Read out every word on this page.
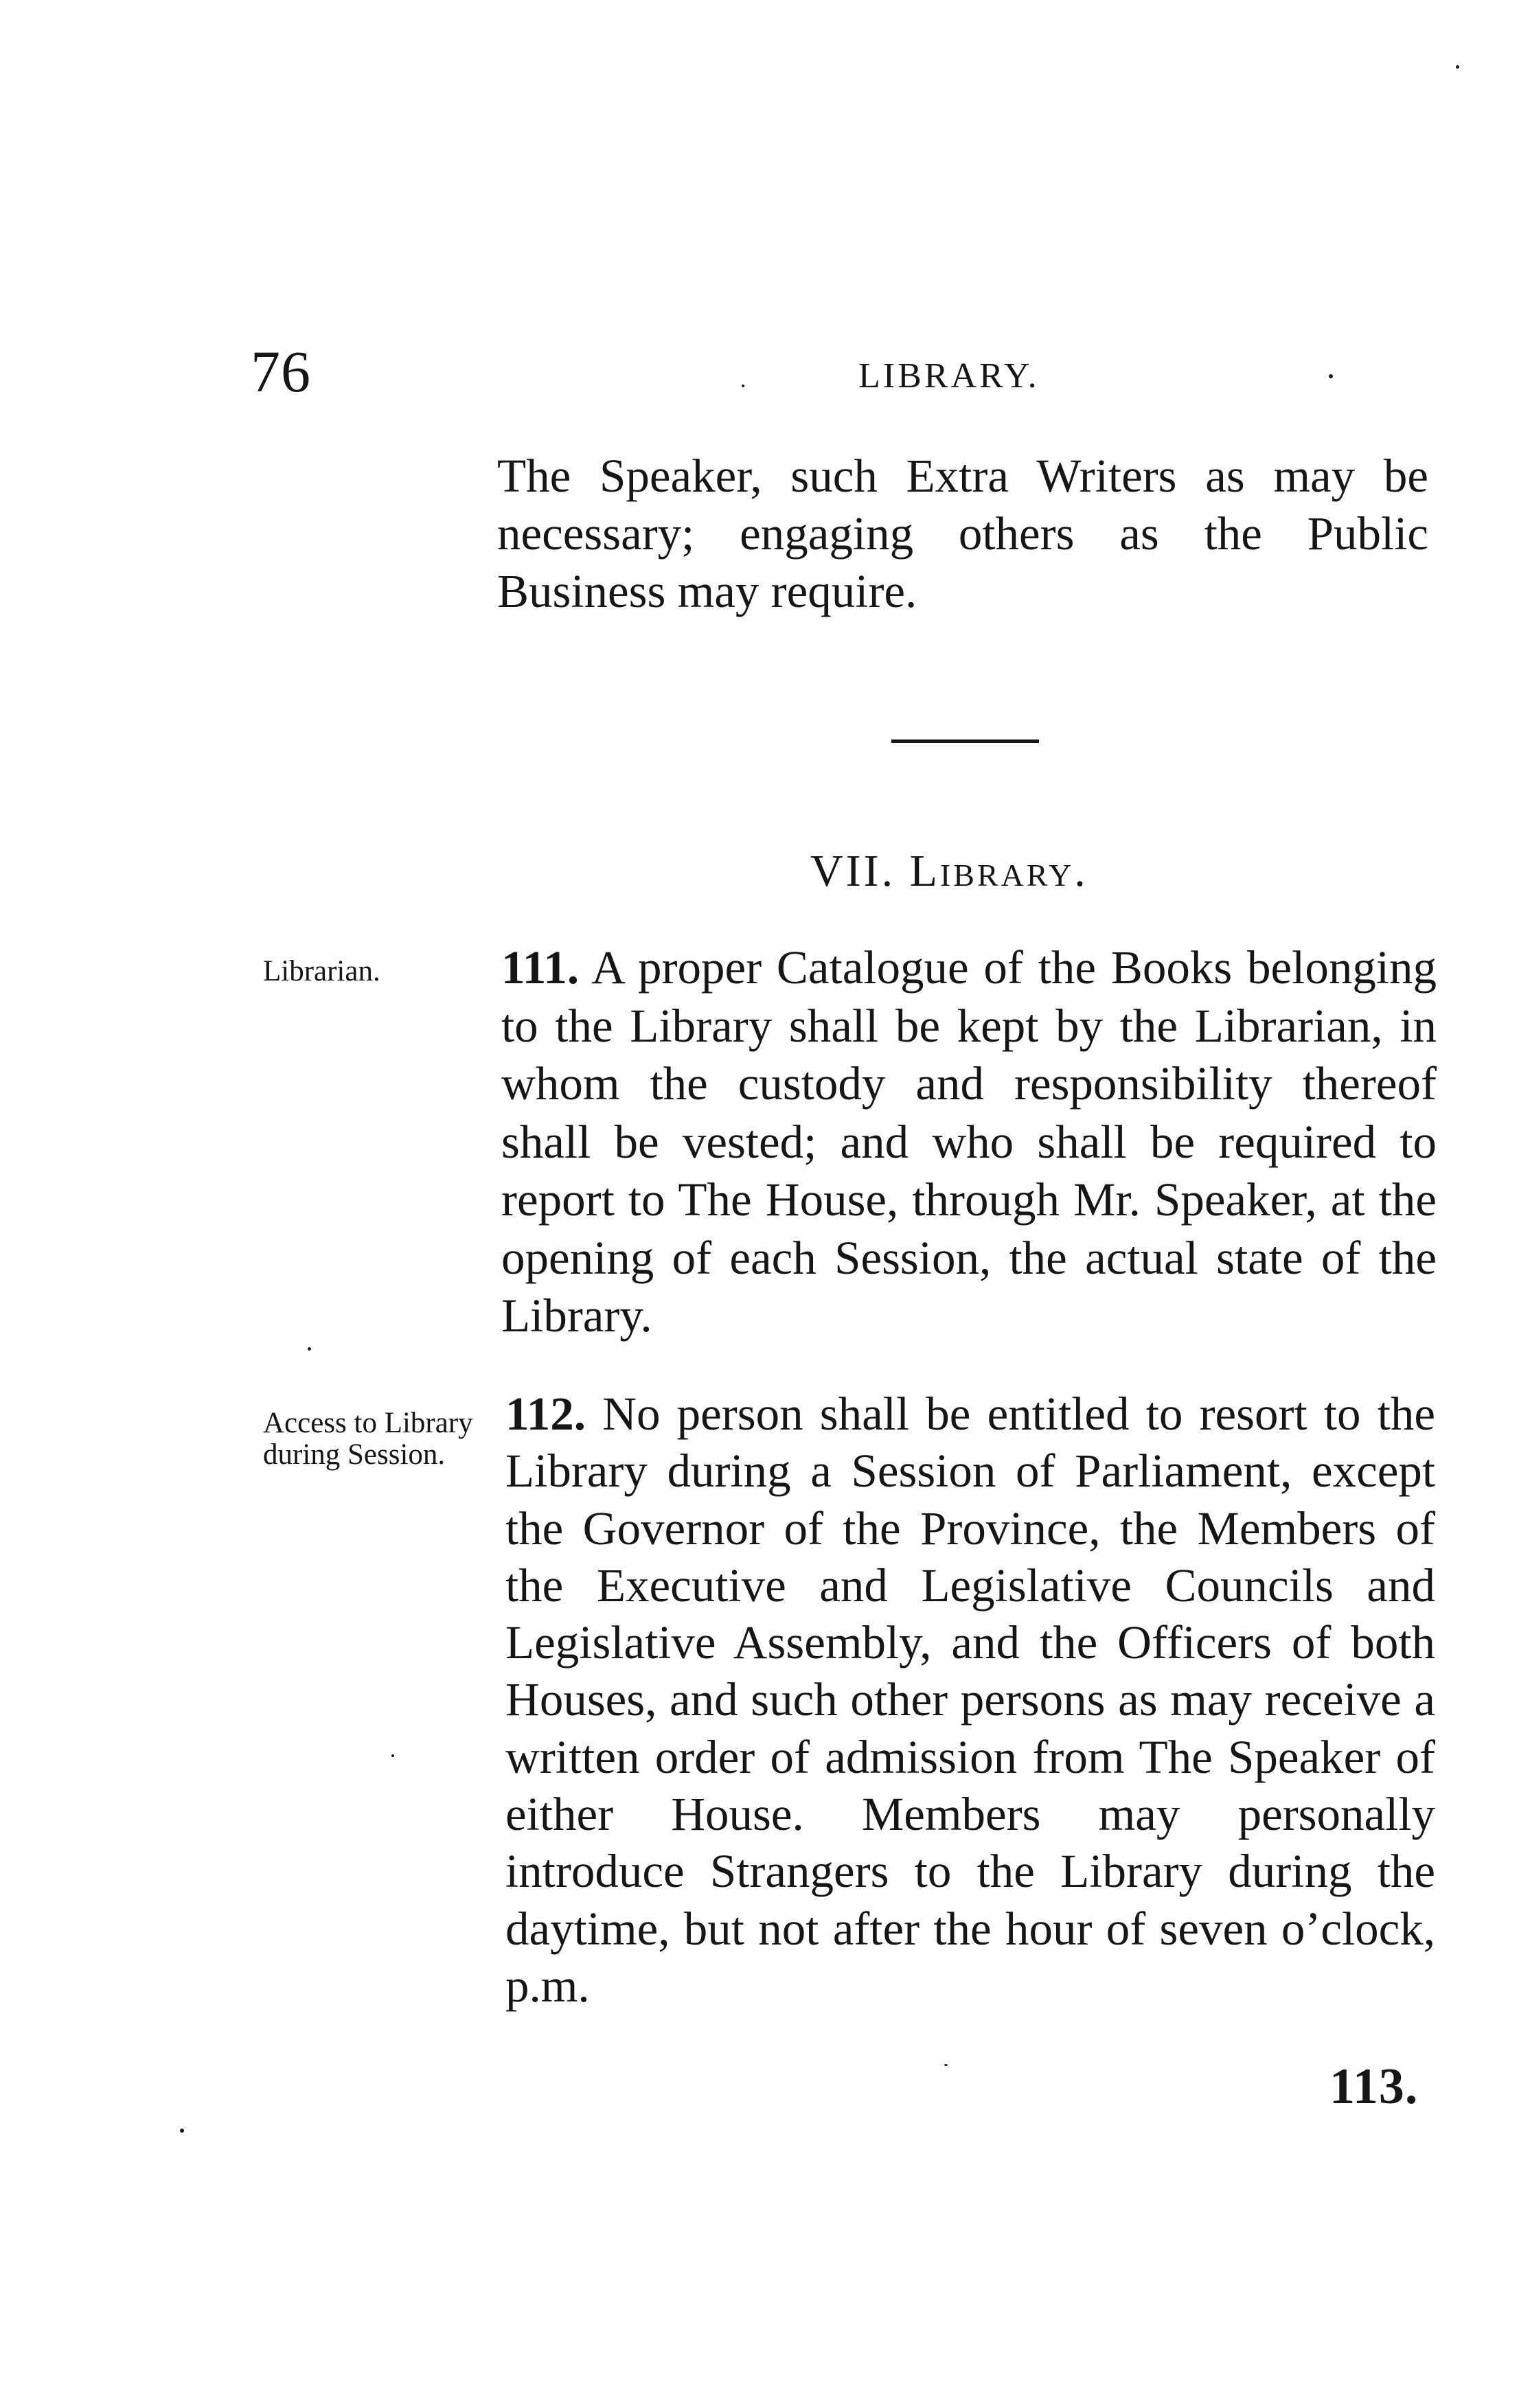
76	LIBRARY.

The Speaker, such Extra Writers as may be necessary; engaging others as the Public Business may require.

VII. Library.
Librarian.	111. A proper Catalogue of the Books belonging to the Library shall be kept by the Librarian, in whom the custody and responsibility thereof shall be vested; and who shall be required to report to The House, through Mr. Speaker, at the opening of each Session, the actual state of the Library.

Access to Library during Session.

112. No person shall be entitled to resort to the Library during a Session of Parliament, except the Governor of the Province, the Members of the Executive and Legislative Councils and Legislative Assembly, and the Officers of both Houses, and such other persons as may receive a written order of admission from The Speaker of either House. Members may personally introduce Strangers to the Library during the daytime, but not after the hour of seven o’clock, p.m.

113.
